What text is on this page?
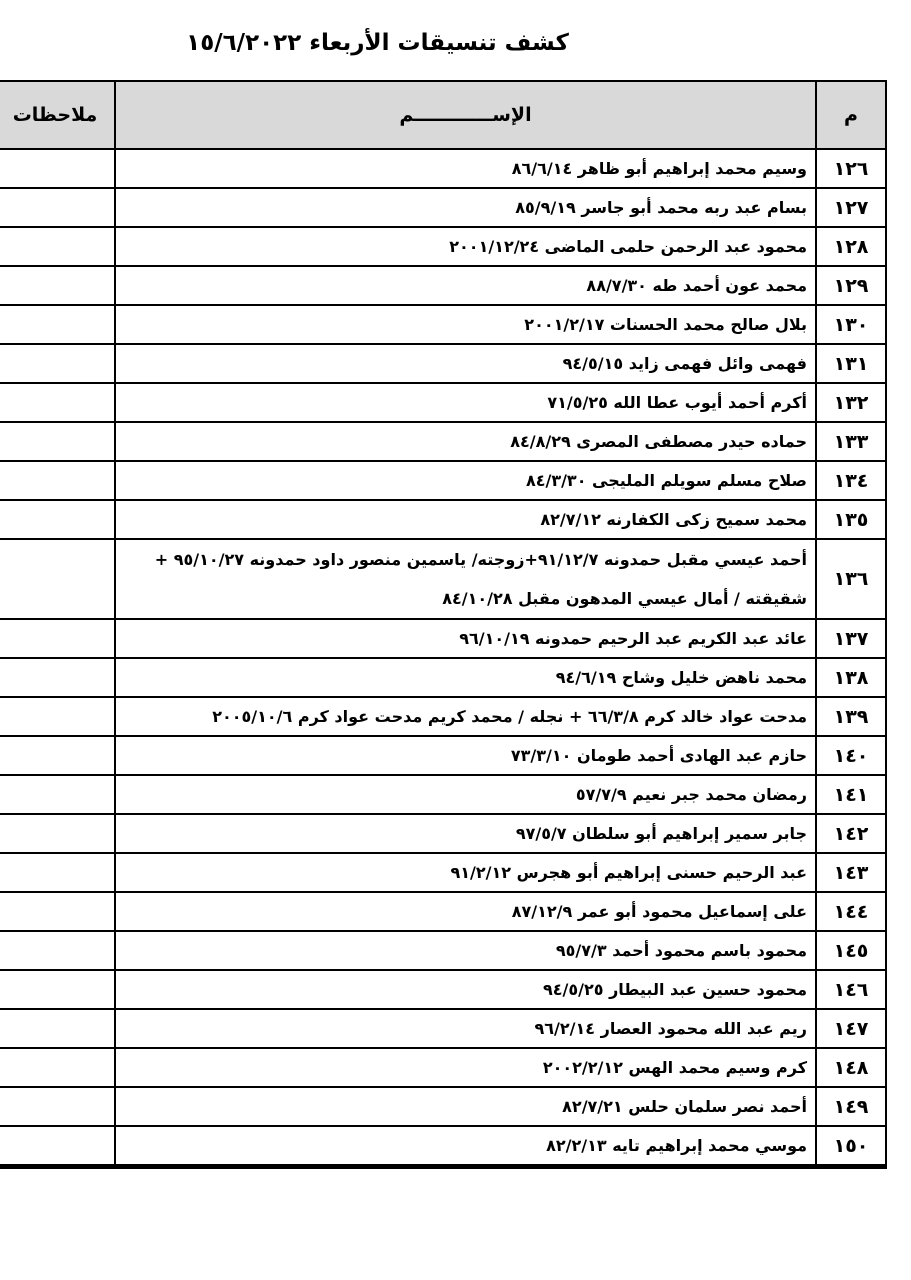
كشف تنسيقات الأربعاء ١٥/٦/٢٠٢٢
م	الإســــــــــــم	ملاحظات
١٢٦	وسيم محمد إبراهيم أبو ظاهر ٨٦/٦/١٤	
١٢٧	بسام عبد ربه محمد أبو جاسر ٨٥/٩/١٩	
١٢٨	محمود عبد الرحمن حلمى الماضى ٢٠٠١/١٢/٢٤	
١٢٩	محمد عون أحمد طه ٨٨/٧/٣٠	
١٣٠	بلال صالح محمد الحسنات ٢٠٠١/٢/١٧	
١٣١	فهمى وائل فهمى زايد ٩٤/٥/١٥	
١٣٢	أكرم أحمد أيوب عطا الله ٧١/٥/٢٥	
١٣٣	حماده حيدر مصطفى المصرى ٨٤/٨/٢٩	
١٣٤	صلاح مسلم سويلم المليجى ٨٤/٣/٣٠	
١٣٥	محمد سميح زكى الكفارنه ٨٢/٧/١٢	
١٣٦	أحمد عيسي مقبل حمدونه ٩١/١٢/٧+زوجته/ ياسمين منصور داود حمدونه ٩٥/١٠/٢٧ + شقيقته / أمال عيسي المدهون مقبل ٨٤/١٠/٢٨	
١٣٧	عائد عبد الكريم عبد الرحيم حمدونه ٩٦/١٠/١٩	
١٣٨	محمد ناهض خليل وشاح ٩٤/٦/١٩	
١٣٩	مدحت عواد خالد كرم ٦٦/٣/٨ + نجله / محمد كريم مدحت عواد كرم ٢٠٠٥/١٠/٦	
١٤٠	حازم عبد الهادى أحمد طومان ٧٣/٣/١٠	
١٤١	رمضان محمد جبر نعيم ٥٧/٧/٩	
١٤٢	جابر سمير إبراهيم أبو سلطان ٩٧/٥/٧	
١٤٣	عبد الرحيم حسنى إبراهيم أبو هجرس ٩١/٢/١٢	
١٤٤	على إسماعيل محمود أبو عمر ٨٧/١٢/٩	
١٤٥	محمود باسم محمود أحمد ٩٥/٧/٣	
١٤٦	محمود حسين عبد البيطار ٩٤/٥/٢٥	
١٤٧	ريم عبد الله محمود العصار ٩٦/٢/١٤	
١٤٨	كرم وسيم محمد الهس ٢٠٠٢/٢/١٢	
١٤٩	أحمد نصر سلمان حلس ٨٢/٧/٢١	
١٥٠	موسي محمد إبراهيم تايه ٨٢/٢/١٣	
